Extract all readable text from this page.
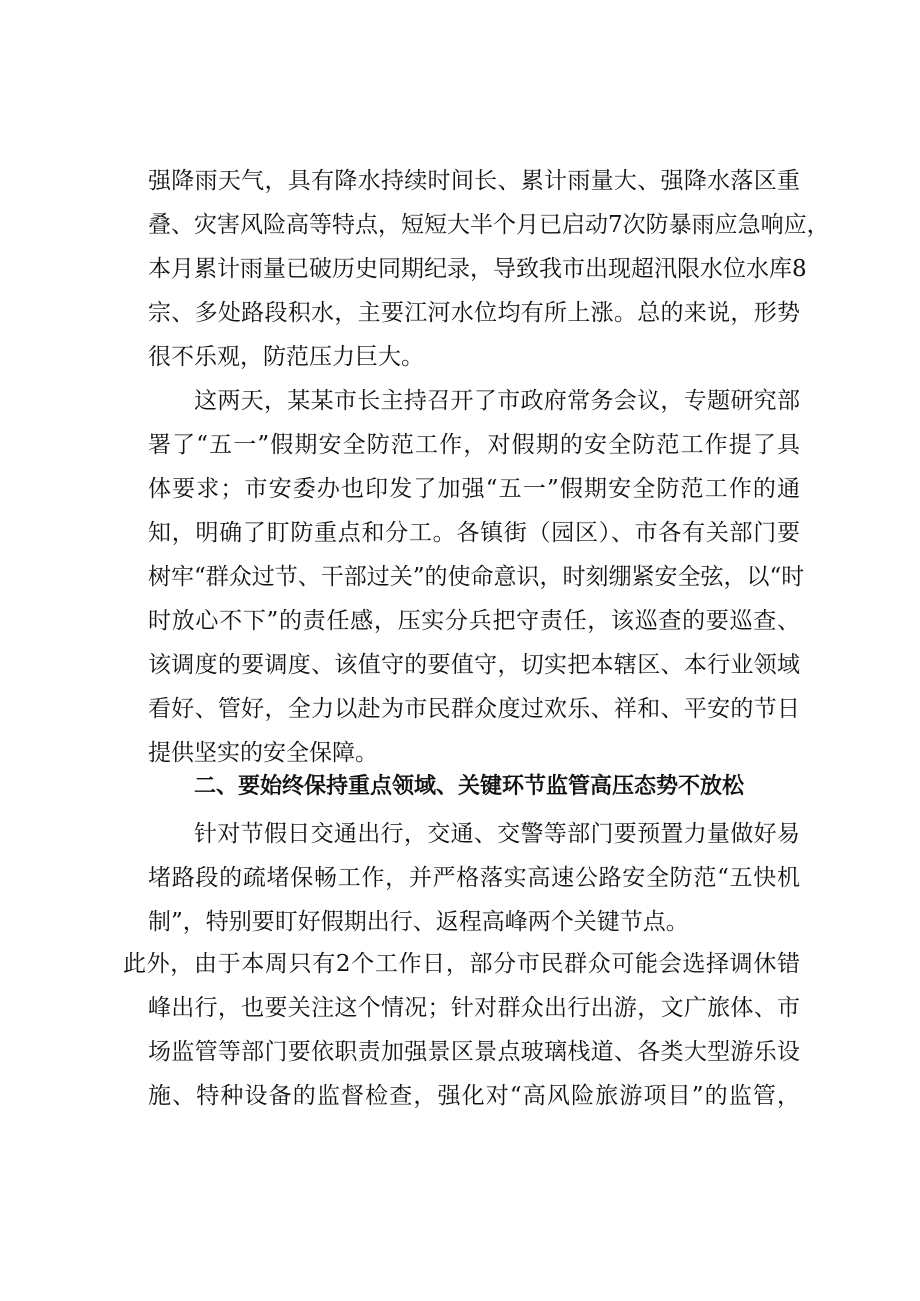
强降雨天气，具有降水持续时间长、累计雨量大、强降水落区重
叠、灾害风险高等特点，短短大半个月已启动7次防暴雨应急响应，
本月累计雨量已破历史同期纪录，导致我市出现超汛限水位水库8
宗、多处路段积水，主要江河水位均有所上涨。总的来说，形势
很不乐观，防范压力巨大。
这两天，某某市长主持召开了市政府常务会议，专题研究部
署了“五一”假期安全防范工作，对假期的安全防范工作提了具
体要求；市安委办也印发了加强“五一”假期安全防范工作的通
知，明确了盯防重点和分工。各镇街（园区）、市各有关部门要
树牢“群众过节、干部过关”的使命意识，时刻绷紧安全弦，以“时
时放心不下”的责任感，压实分兵把守责任，该巡查的要巡查、
该调度的要调度、该值守的要值守，切实把本辖区、本行业领域
看好、管好，全力以赴为市民群众度过欢乐、祥和、平安的节日
提供坚实的安全保障。
二、要始终保持重点领域、关键环节监管高压态势不放松
针对节假日交通出行，交通、交警等部门要预置力量做好易
堵路段的疏堵保畅工作，并严格落实高速公路安全防范“五快机
制”，特别要盯好假期出行、返程高峰两个关键节点。
此外，由于本周只有2个工作日，部分市民群众可能会选择调休错
峰出行，也要关注这个情况；针对群众出行出游，文广旅体、市
场监管等部门要依职责加强景区景点玻璃栈道、各类大型游乐设
施、特种设备的监督检查，强化对“高风险旅游项目”的监管，
